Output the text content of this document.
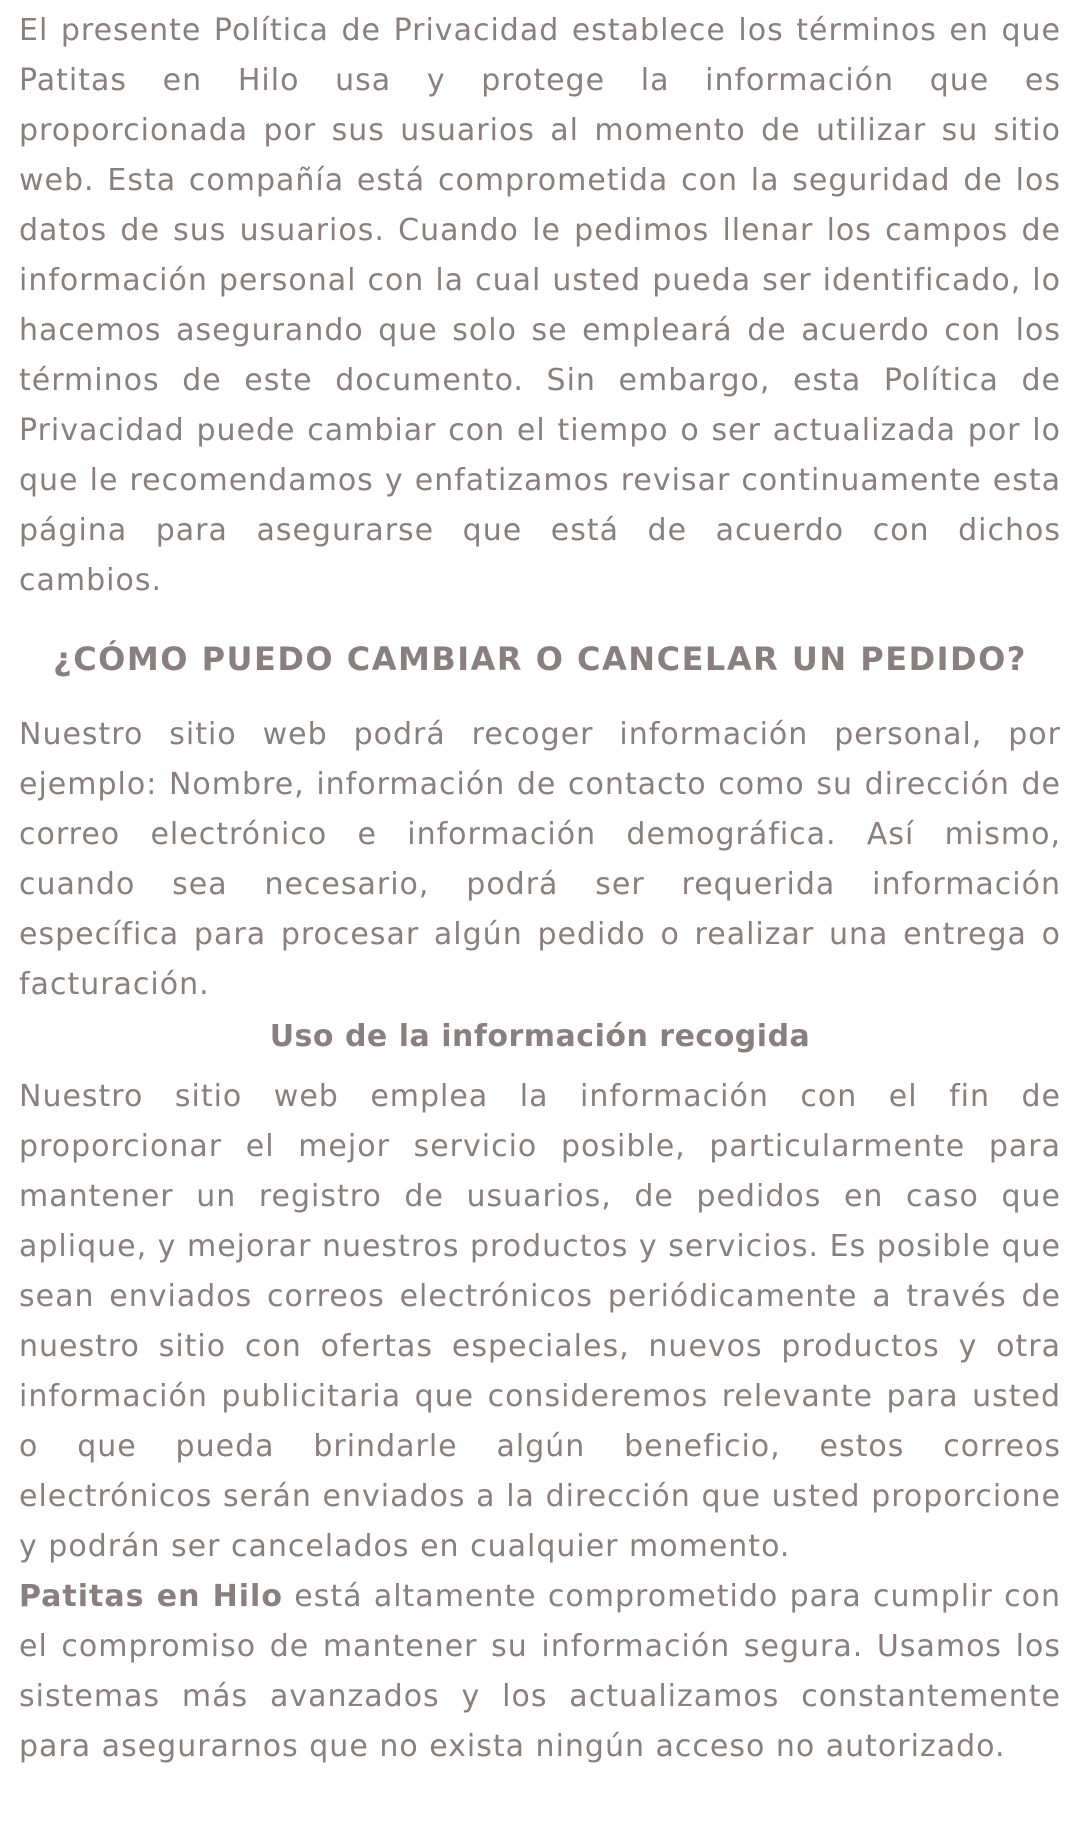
El presente Política de Privacidad establece los términos en que Patitas en Hilo usa y protege la información que es proporcionada por sus usuarios al momento de utilizar su sitio web. Esta compañía está comprometida con la seguridad de los datos de sus usuarios. Cuando le pedimos llenar los campos de información personal con la cual usted pueda ser identificado, lo hacemos asegurando que solo se empleará de acuerdo con los términos de este documento. Sin embargo, esta Política de Privacidad puede cambiar con el tiempo o ser actualizada por lo que le recomendamos y enfatizamos revisar continuamente esta página para asegurarse que está de acuerdo con dichos cambios.

¿CÓMO PUEDO CAMBIAR O CANCELAR UN PEDIDO?

Nuestro sitio web podrá recoger información personal, por ejemplo: Nombre, información de contacto como su dirección de correo electrónico e información demográfica. Así mismo, cuando sea necesario, podrá ser requerida información específica para procesar algún pedido o realizar una entrega o facturación.

Uso de la información recogida

Nuestro sitio web emplea la información con el fin de proporcionar el mejor servicio posible, particularmente para mantener un registro de usuarios, de pedidos en caso que aplique, y mejorar nuestros productos y servicios. Es posible que sean enviados correos electrónicos periódicamente a través de nuestro sitio con ofertas especiales, nuevos productos y otra información publicitaria que consideremos relevante para usted o que pueda brindarle algún beneficio, estos correos electrónicos serán enviados a la dirección que usted proporcione y podrán ser cancelados en cualquier momento.

Patitas en Hilo está altamente comprometido para cumplir con el compromiso de mantener su información segura. Usamos los sistemas más avanzados y los actualizamos constantemente para asegurarnos que no exista ningún acceso no autorizado.
